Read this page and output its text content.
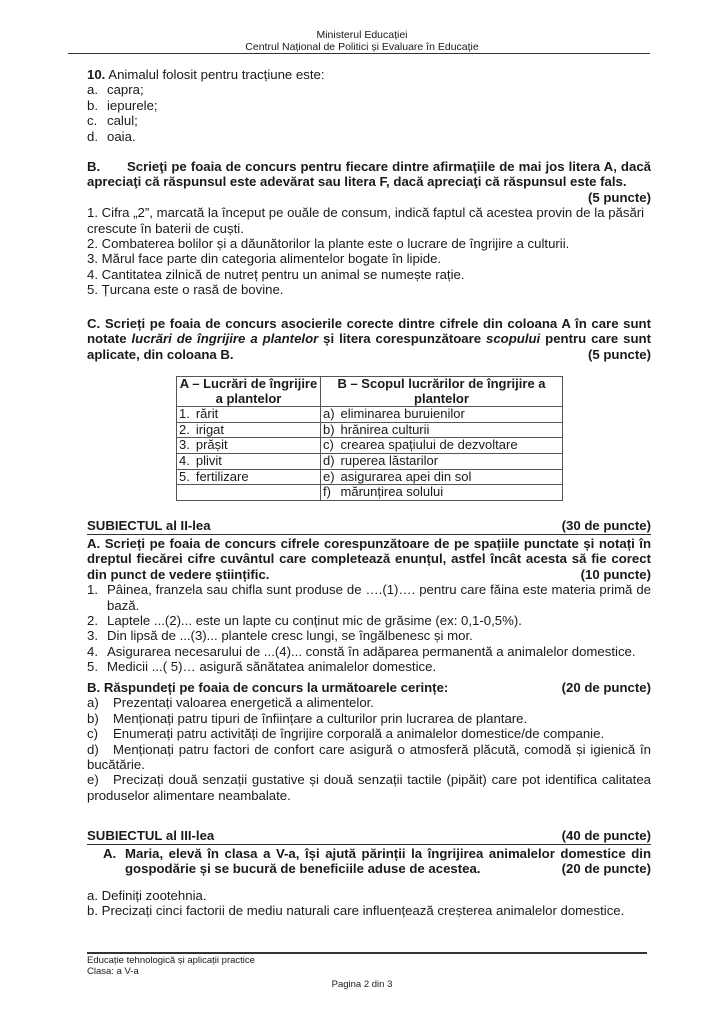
Ministerul Educației
Centrul Național de Politici și Evaluare în Educație
10. Animalul folosit pentru tracțiune este:
a. capra;
b. iepurele;
c. calul;
d. oaia.
B. Scrieţi pe foaia de concurs pentru fiecare dintre afirmaţiile de mai jos litera A, dacă apreciaţi că răspunsul este adevărat sau litera F, dacă apreciaţi că răspunsul este fals.
(5 puncte)
1. Cifra „2”, marcată la început pe ouăle de consum, indică faptul că acestea provin de la păsări crescute în baterii de cuști.
2. Combaterea bolilor și a dăunătorilor la plante este o lucrare de îngrijire a culturii.
3. Mărul face parte din categoria alimentelor bogate în lipide.
4. Cantitatea zilnică de nutreț pentru un animal se numește rație.
5. Țurcana este o rasă de bovine.
C. Scrieți pe foaia de concurs asocierile corecte dintre cifrele din coloana A în care sunt notate lucrări de îngrijire a plantelor și litera corespunzătoare scopului pentru care sunt aplicate, din coloana B.	(5 puncte)
A – Lucrări de îngrijire a plantelor		B – Scopul lucrărilor de îngrijire a plantelor	
1.	rărit	a)	eliminarea buruienilor
2.	irigat	b)	hrănirea culturii
3.	prășit	c)	crearea spațiului de dezvoltare
4.	plivit	d)	ruperea lăstarilor
5.	fertilizare	e)	asigurarea apei din sol
		f)	mărunțirea solului
SUBIECTUL al II-lea	(30 de puncte)
A. Scrieți pe foaia de concurs cifrele corespunzătoare de pe spațiile punctate și notați în dreptul fiecărei cifre cuvântul care completează enunțul, astfel încât acesta să fie corect din punct de vedere științific.	(10 puncte)
1. Pâinea, franzela sau chifla sunt produse de ….(1)…. pentru care făina este materia primă de bază.
2. Laptele ...(2)... este un lapte cu conținut mic de grăsime (ex: 0,1-0,5%).
3. Din lipsă de ...(3)... plantele cresc lungi, se îngălbenesc și mor.
4. Asigurarea necesarului de ...(4)... constă în adăparea permanentă a animalelor domestice.
5. Medicii ...( 5)… asigură sănătatea animalelor domestice.
B. Răspundeți pe foaia de concurs la următoarele cerințe:	(20 de puncte)
a)	Prezentați valoarea energetică a alimentelor.
b)	Menționați patru tipuri de înființare a culturilor prin lucrarea de plantare.
c)	Enumerați patru activități de îngrijire corporală a animalelor domestice/de companie.
d) Menționați patru factori de confort care asigură o atmosferă plăcută, comodă și igienică în bucătărie.
e) Precizați două senzații gustative și două senzații tactile (pipăit) care pot identifica calitatea produselor alimentare neambalate.
SUBIECTUL al III-lea	(40 de puncte)
A. Maria, elevă în clasa a V-a, își ajută părinții la îngrijirea animalelor domestice din gospodărie și se bucură de beneficiile aduse de acestea.	(20 de puncte)
a. Definiți zootehnia.
b. Precizați cinci factorii de mediu naturali care influențează creșterea animalelor domestice.
Educație tehnologică și aplicații practice
Clasa: a V-a
Pagina 2 din 3
